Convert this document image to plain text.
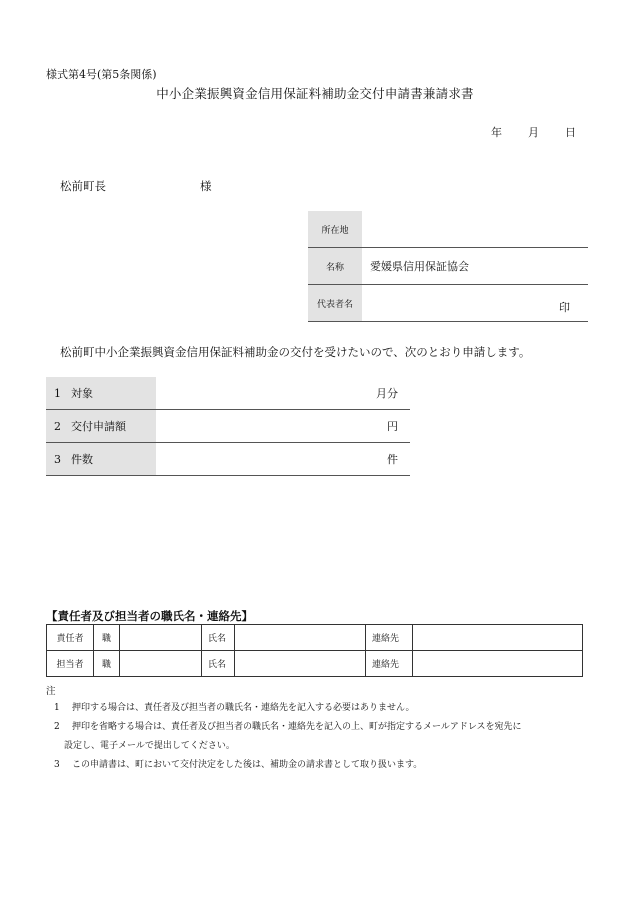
様式第4号(第5条関係)
中小企業振興資金信用保証料補助金交付申請書兼請求書
年 月 日
松前町長	様
所在地	
名称	愛媛県信用保証協会
代表者名	印
松前町中小企業振興資金信用保証料補助金の交付を受けたいので、次のとおり申請します。
1 対象	月分
2 交付申請額	円
3 件数	件
【責任者及び担当者の職氏名・連絡先】
責任者	職		氏名		連絡先	
担当者	職		氏名		連絡先	
注
1 押印する場合は、責任者及び担当者の職氏名・連絡先を記入する必要はありません。
2 押印を省略する場合は、責任者及び担当者の職氏名・連絡先を記入の上、町が指定するメールアドレスを宛先に
設定し、電子メールで提出してください。
3 この申請書は、町において交付決定をした後は、補助金の請求書として取り扱います。
